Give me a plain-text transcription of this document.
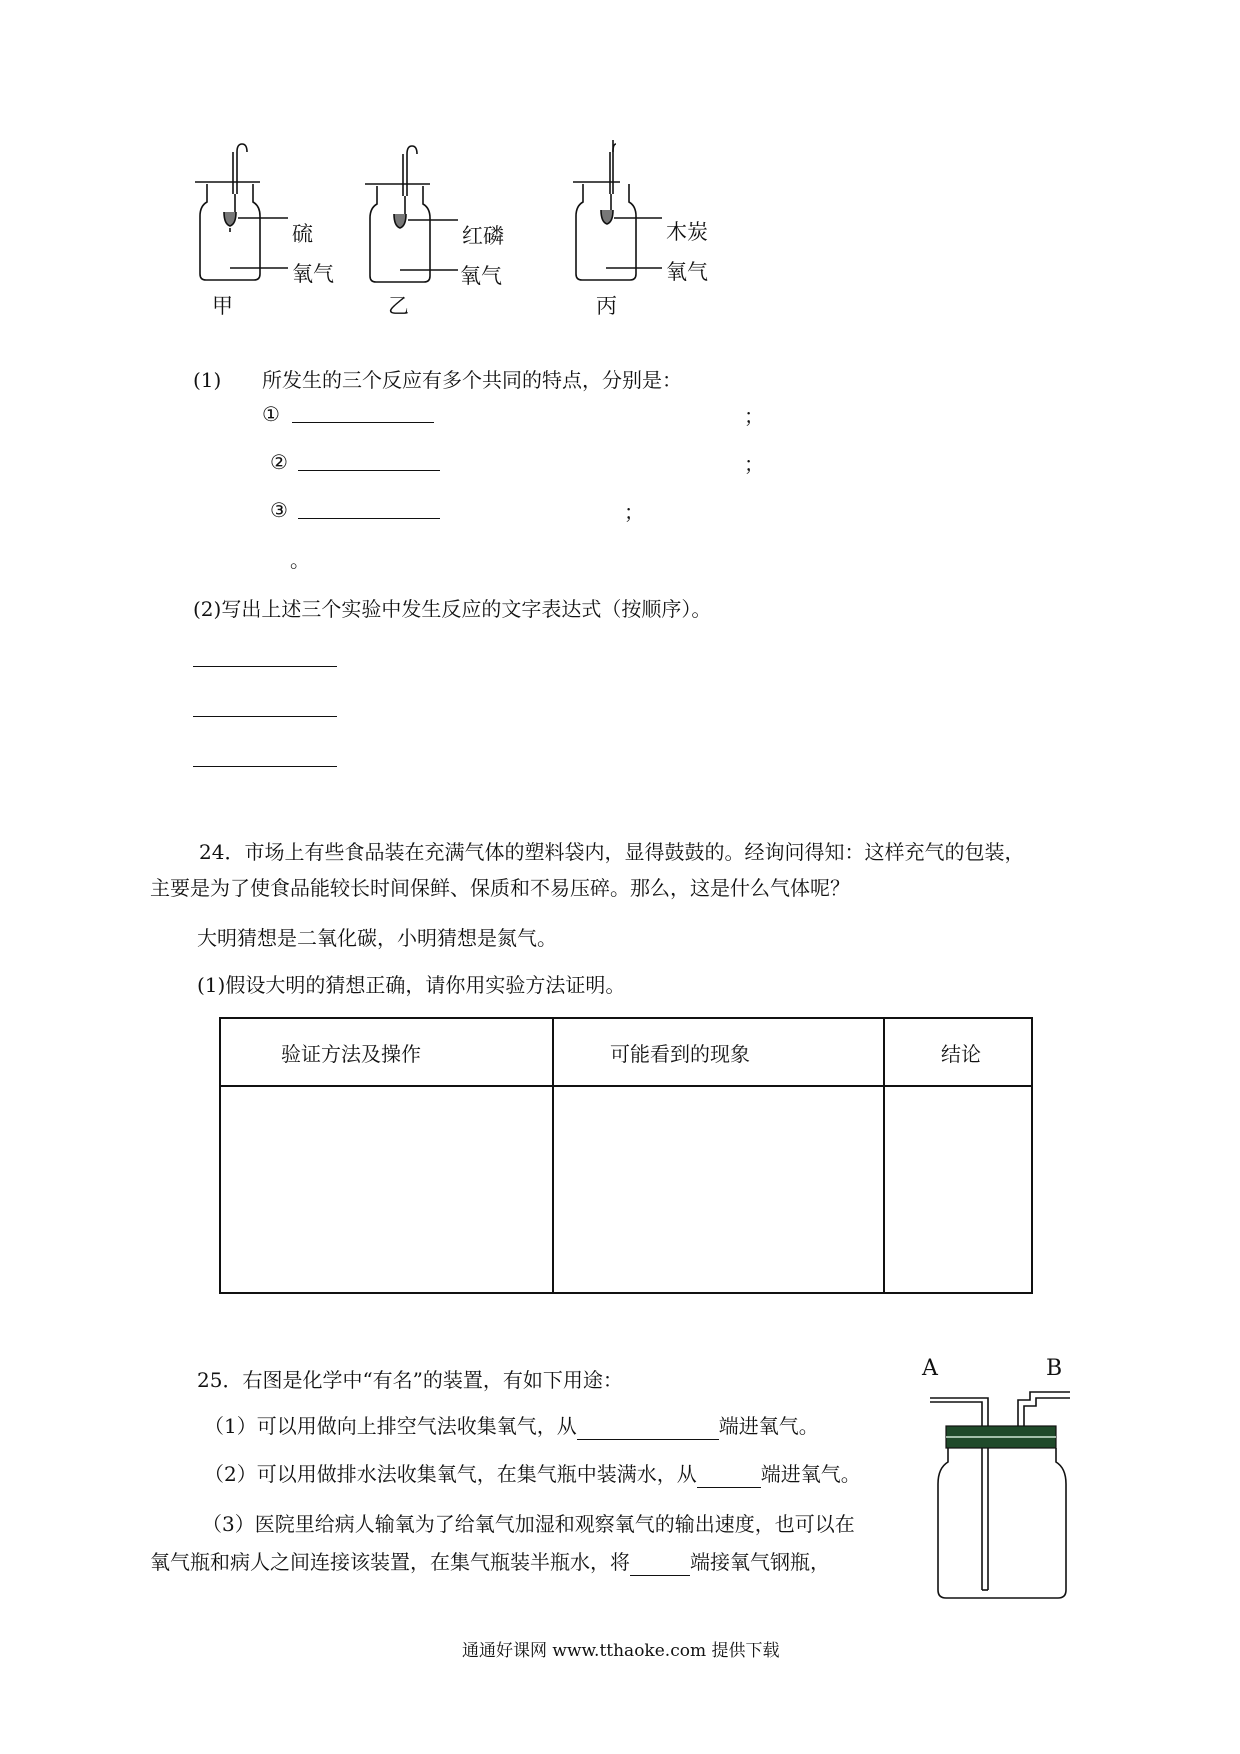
硫
氧气
甲
红磷
氧气
乙
木炭
氧气
丙
(1) 所发生的三个反应有多个共同的特点，分别是：
①	；
②	；
③	；
。
(2)写出上述三个实验中发生反应的文字表达式（按顺序）。
24．市场上有些食品装在充满气体的塑料袋内，显得鼓鼓的。经询问得知：这样充气的包装，
主要是为了使食品能较长时间保鲜、保质和不易压碎。那么，这是什么气体呢？
大明猜想是二氧化碳，小明猜想是氮气。
(1)假设大明的猜想正确，请你用实验方法证明。
验证方法及操作	可能看到的现象	结论

25．右图是化学中“有名”的装置，有如下用途：
（1）可以用做向上排空气法收集氧气，从	端进氧气。
（2）可以用做排水法收集氧气，在集气瓶中装满水，从	端进氧气。
（3）医院里给病人输氧为了给氧气加湿和观察氧气的输出速度，也可以在
氧气瓶和病人之间连接该装置，在集气瓶装半瓶水，将	端接氧气钢瓶，
A	B
通通好课网 www.tthaoke.com 提供下载
